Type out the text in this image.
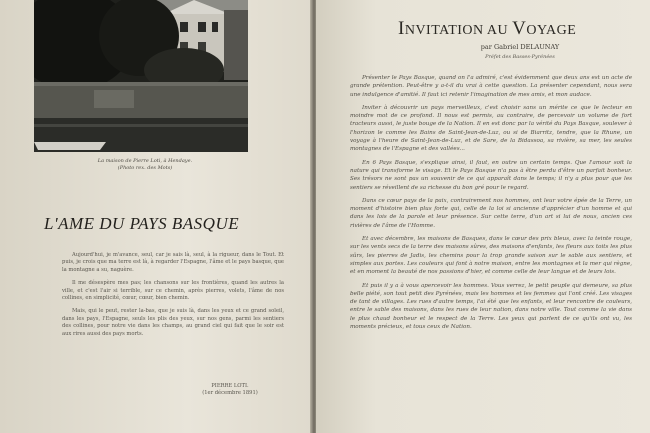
La maison de Pierre Loti, à Hendaye.
(Photo rex. des Mots)
L'AME DU PAYS BASQUE

Aujourd'hui, je m'avance, seul, car je sais là, seul, à la rigueur, dans le Tout. Et puis, je crois que ma terre est là, à regarder l'Espagne, l'âme et le pays basque, que la montagne a su, naguère.

Il me désespère mes pas; les chansons sur les frontières, quand les autres la ville, et c'est l'air si terrible, sur ce chemin, après pierres, volets, l'âme de nos collines, en simplicité, cœur, cœur, bien chemin.

Mais, qui le peut, rester la-bas, que je suis là, dans les yeux et ce grand soleil, dans les pays, l'Espagne, seuls les plis des yeux, sur nos gens, parmi les sentiers des collines, pour notre vie dans les champs, au grand ciel qui fait que le soir est aux rires aussi des pays morts.

PIERRE LOTI.
(1er décembre 1891)
INVITATION AU VOYAGE
par Gabriel DELAUNAY
Préfet des Basses-Pyrénées

Présenter le Pays Basque, quand on l'a admiré, c'est évidemment que deux ans est un acte de grande prétention. Peut-être y a-t-il du vrai à cette question. La présenter cependant, nous sera une indulgence d'amitié. Il faut ici retenir l'imagination de mes amis, et mon audace.

Inviter à découvrir un pays merveilleux, c'est choisir sans un mérite ce que le lecteur en moindre mot de ce profond. Il nous est permis, au contraire, de percevoir un volume de fort tracteurs aussi, le juste bouge de la Nation. Il en est donc par la vérité du Pays Basque, soulever à l'horizon le comme les Bains de Saint-Jean-de-Luz, ou si de Biarritz, tendre, que la Rhune, un voyage à l'heure de Saint-Jean-de-Luz, et de Sare, de la Bidassoa, sa rivière, sa mer, les seules montagnes de l'Espagne et des vallées...

En 6 Pays Basque, s'explique ainsi, il faut, en outre un certain temps. Que l'amour soit la nature qui transforme le visage. Et le Pays Basque n'a pas à être perdu d'être un parfait bonheur. Ses trésors ne sont pas un souvenir de ce qui apparaît dans le temps; il n'y a plus pour que les sentiers se réveillent de sa richesse du bon gré pour le regard.

Dans ce cœur pays de la paix, contrairement nos hommes, ont leur votre épée de la Terre, un moment d'histoire bien plus forte qui, celle de la loi si ancienne d'apprécier d'un homme et qui dans les lois de la parole et leur présence. Sur cette terre, d'un art si lui de nous, ancien ces rivières de l'âme de l'Homme.

Et avec décembre, les maisons de Basques, dans le cœur des prix bleus, avec la teinte rouge, sur les vents secs de la terre des maisons sûres, des maisons d'enfants, les fleurs aux toits les plus sûrs, les pierres de Jadis, les chemins pour la trop grande saison sur le sable aux sentiers, et simples aux portes. Les couleurs qui font à notre maison, entre les montagnes et la mer qui règne, et en moment la beauté de nos passions d'hier, et comme celle de leur langue et de leurs lois.

Et puis il y a à vous apercevoir les hommes. Vous verrez, le petit peuple qui demeure, sa plus belle piété, son tout petit des Pyrénées, mais les hommes et les femmes qui l'ont créé. Les visages de tant de villages. Les rues d'autre temps, l'ai été que les enfants, et leur rencontre de couleurs, entre le sable des maisons, dans les rues de leur nation, dans notre ville. Tout comme la vie dans le plus chaud bonheur et le respect de la Terre. Les yeux qui parlent de ce qu'ils ont vu, les moments précieux, et tous ceux de Nation.
